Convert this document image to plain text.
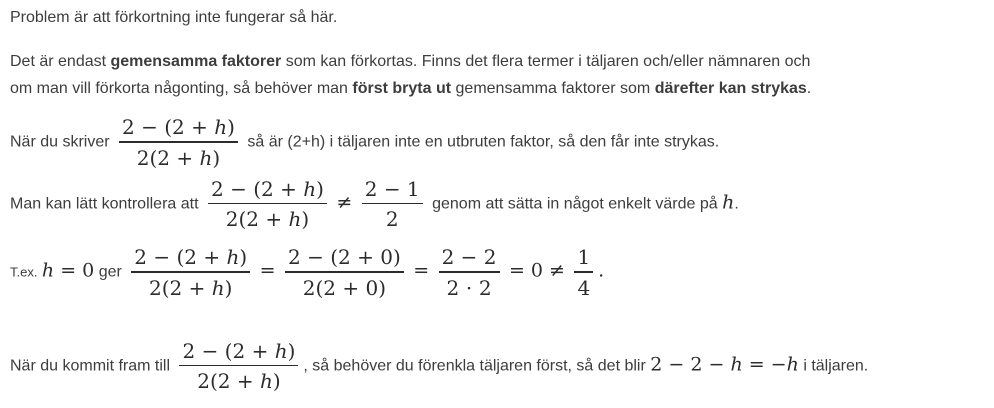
Problem är att förkortning inte fungerar så här.

Det är endast gemensamma faktorer som kan förkortas. Finns det flera termer i täljaren och/eller nämnaren och
om man vill förkorta någonting, så behöver man först bryta ut gemensamma faktorer som därefter kan strykas.

När du skriver $\frac{2 - (2 + h)}{2(2 + h)}$ så är (2+h) i täljaren inte en utbruten faktor, så den får inte strykas.
Man kan lätt kontrollera att $\frac{2 - (2 + h)}{2(2 + h)} \ne \frac{2 - 1}{2}$ genom att sätta in något enkelt värde på h.
T.ex. h = 0 ger $\frac{2 - (2 + h)}{2(2 + h)} = \frac{2 - (2 + 0)}{2(2 + 0)} = \frac{2 - 2}{2 \cdot 2} = 0 \ne \frac{1}{4}$ .
När du kommit fram till $\frac{2 - (2 + h)}{2(2 + h)}$ , så behöver du förenkla täljaren först, så det blir 2 − 2 − h = −h i täljaren.
